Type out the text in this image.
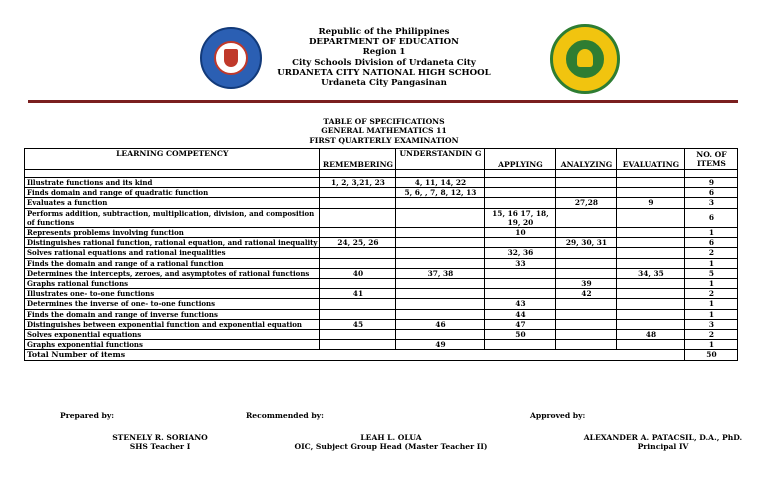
Republic of the Philippines
DEPARTMENT OF EDUCATION
Region 1
City Schools Division of Urdaneta City
URDANETA CITY NATIONAL HIGH SCHOOL
Urdaneta City Pangasinan
TABLE OF SPECIFICATIONS
GENERAL MATHEMATICS 11
FIRST QUARTERLY EXAMINATION
LEARNING COMPETENCY	REMEMBERING	UNDERSTANDIN G	APPLYING	ANALYZING	EVALUATING	NO. OF ITEMS

Illustrate functions and its kind	1, 2, 3,21, 23	4, 11, 14, 22				9
Finds domain and range of quadratic function		5, 6, , 7, 8, 12, 13				6
Evaluates a function				27,28	9	3
Performs addition, subtraction, multiplication, division, and composition of functions			15, 16 17, 18, 19, 20			6
Represents problems involving function			10			1
Distinguishes rational function, rational equation, and rational inequality	24, 25, 26			29, 30, 31		6
Solves rational equations and rational inequalities			32, 36			2
Finds the domain and range of a rational function			33			1
Determines the intercepts, zeroes, and asymptotes of rational functions	40	37, 38			34, 35	5
Graphs rational functions				39		1
Illustrates one- to-one functions	41			42		2
Determines the inverse of one- to-one functions			43			1
Finds the domain and range of inverse functions			44			1
Distinguishes between exponential function and exponential equation	45	46	47			3
Solves exponential equations			50		48	2
Graphs exponential functions		49				1
Total Number of items						50
Prepared by:	Recommended by:	Approved by:
STENELY R. SORIANO
SHS Teacher I
LEAH L. OLUA
OIC, Subject Group Head (Master Teacher II)
ALEXANDER A. PATACSIL, D.A., PhD.
Principal IV
